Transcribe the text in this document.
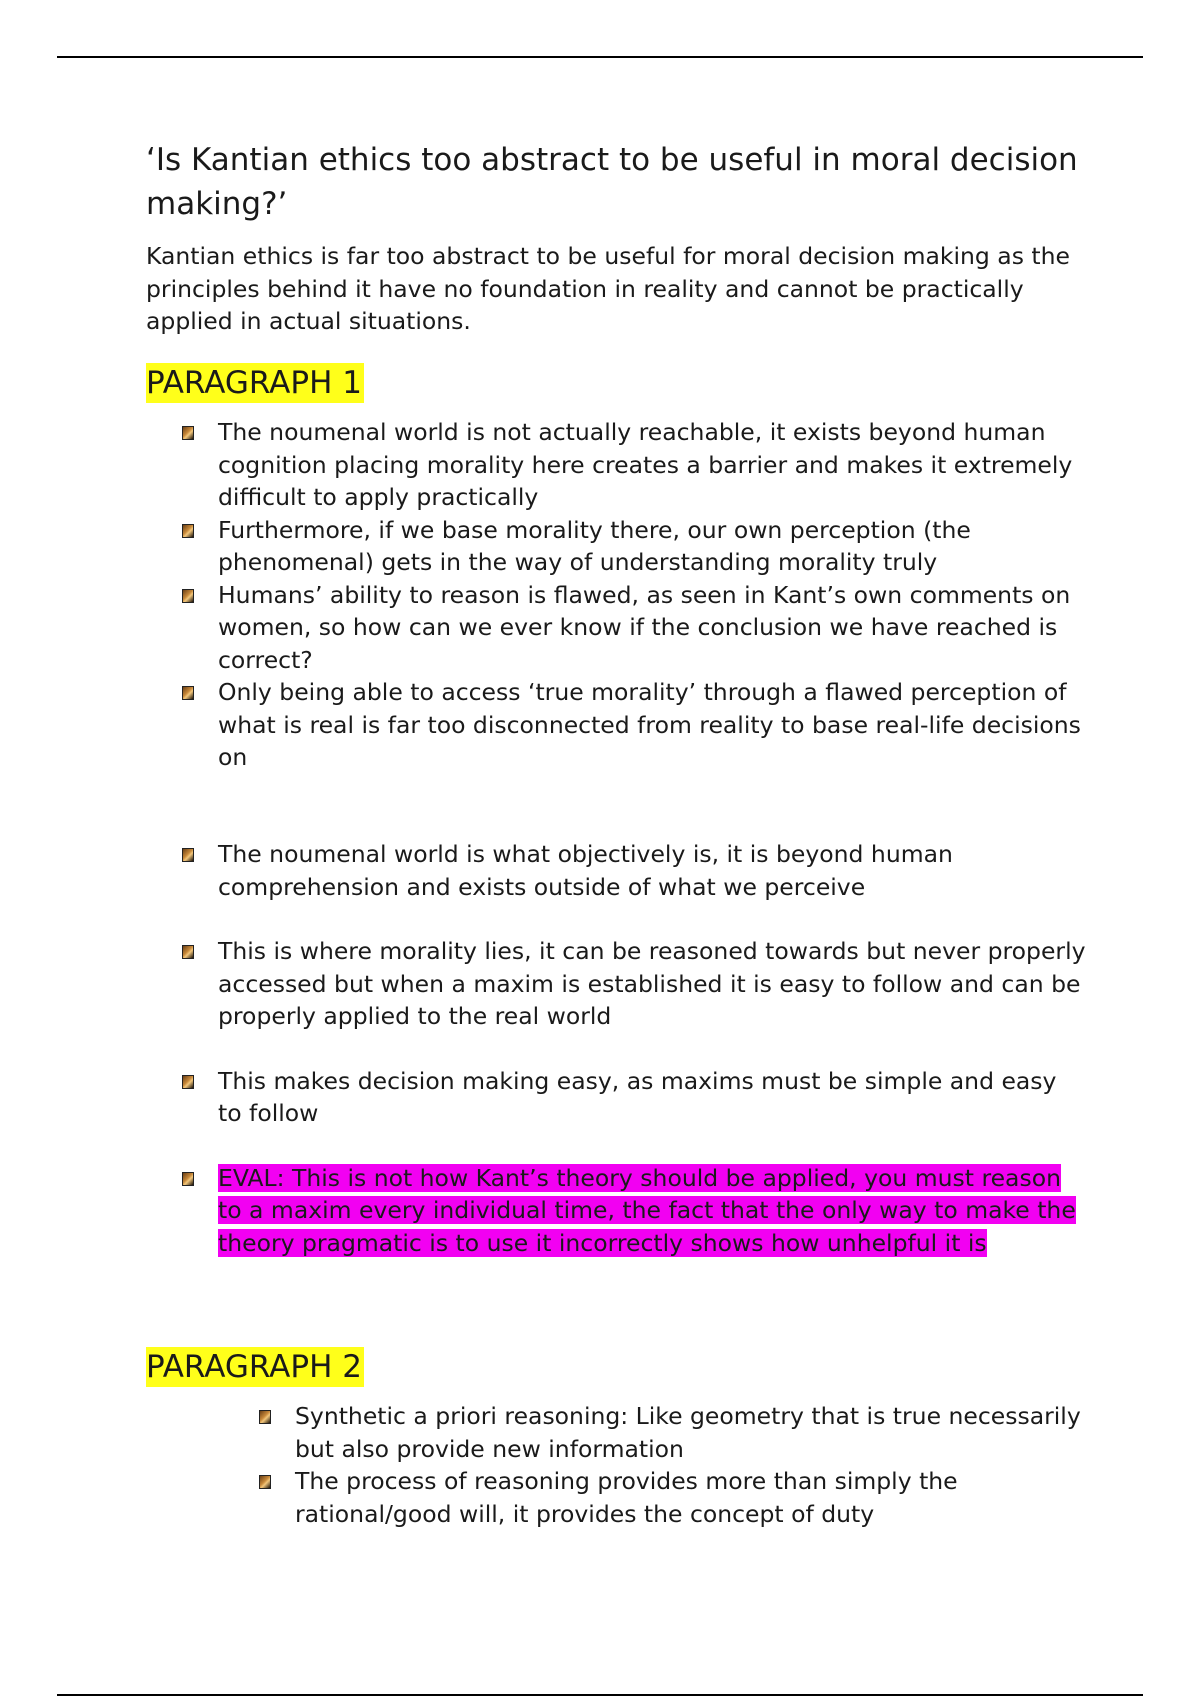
‘Is Kantian ethics too abstract to be useful in moral decision making?’

Kantian ethics is far too abstract to be useful for moral decision making as the principles behind it have no foundation in reality and cannot be practically applied in actual situations.

PARAGRAPH 1
The noumenal world is not actually reachable, it exists beyond human cognition placing morality here creates a barrier and makes it extremely difficult to apply practically
Furthermore, if we base morality there, our own perception (the phenomenal) gets in the way of understanding morality truly
Humans’ ability to reason is flawed, as seen in Kant’s own comments on women, so how can we ever know if the conclusion we have reached is correct?
Only being able to access ‘true morality’ through a flawed perception of what is real is far too disconnected from reality to base real-life decisions on
The noumenal world is what objectively is, it is beyond human comprehension and exists outside of what we perceive
This is where morality lies, it can be reasoned towards but never properly accessed but when a maxim is established it is easy to follow and can be properly applied to the real world
This makes decision making easy, as maxims must be simple and easy to follow
EVAL: This is not how Kant’s theory should be applied, you must reason to a maxim every individual time, the fact that the only way to make the theory pragmatic is to use it incorrectly shows how unhelpful it is
PARAGRAPH 2
Synthetic a priori reasoning: Like geometry that is true necessarily but also provide new information
The process of reasoning provides more than simply the rational/good will, it provides the concept of duty
